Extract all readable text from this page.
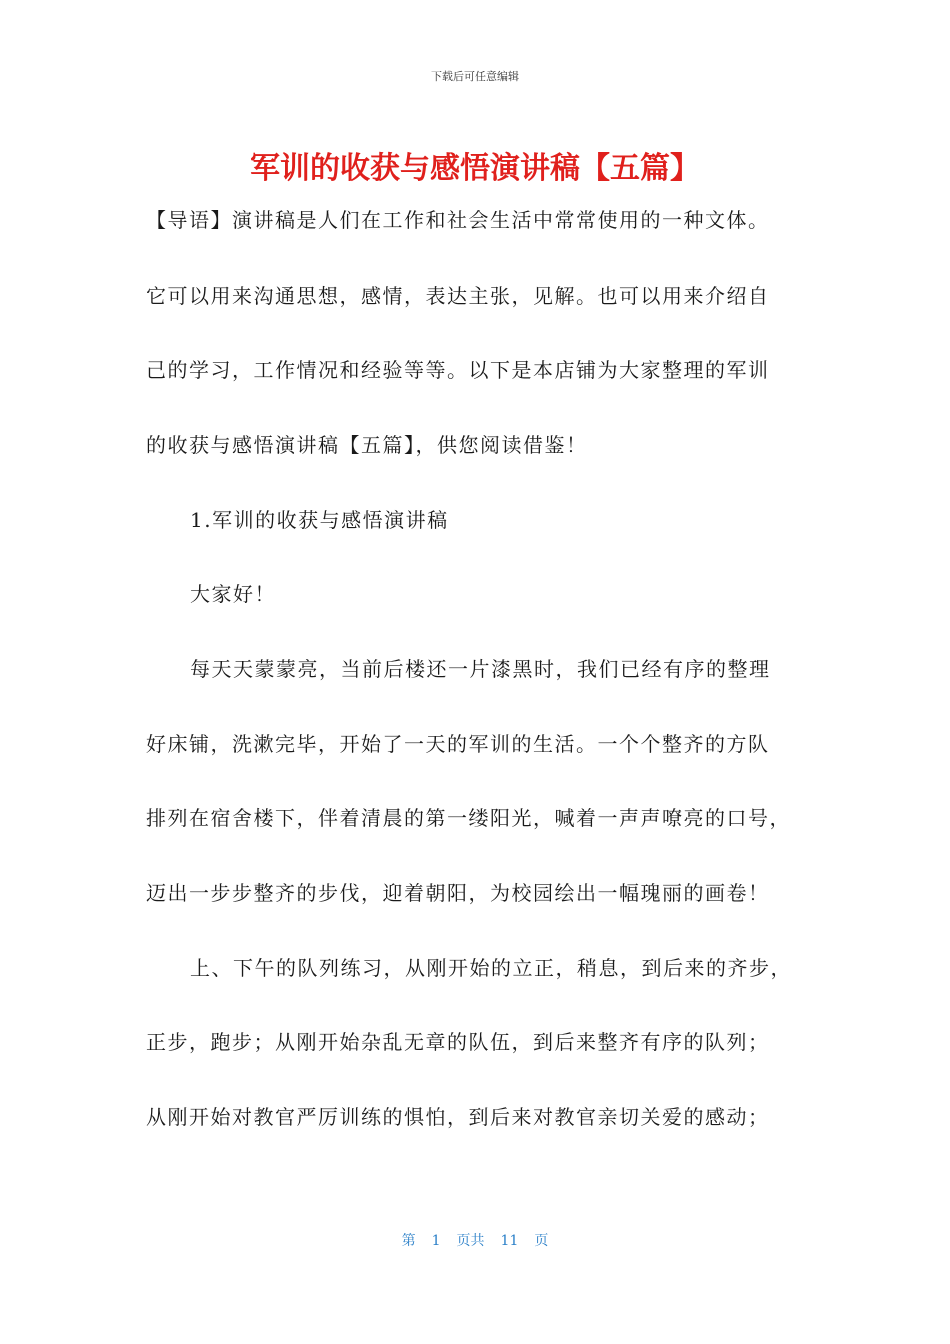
下载后可任意编辑
军训的收获与感悟演讲稿【五篇】
【导语】演讲稿是人们在工作和社会生活中常常使用的一种文体。
它可以用来沟通思想，感情，表达主张，见解。也可以用来介绍自
己的学习，工作情况和经验等等。以下是本店铺为大家整理的军训
的收获与感悟演讲稿【五篇】，供您阅读借鉴！
1.军训的收获与感悟演讲稿
大家好！
每天天蒙蒙亮，当前后楼还一片漆黑时，我们已经有序的整理
好床铺，洗漱完毕，开始了一天的军训的生活。一个个整齐的方队
排列在宿舍楼下，伴着清晨的第一缕阳光，喊着一声声嘹亮的口号，
迈出一步步整齐的步伐，迎着朝阳，为校园绘出一幅瑰丽的画卷！
上、下午的队列练习，从刚开始的立正，稍息，到后来的齐步，
正步，跑步；从刚开始杂乱无章的队伍，到后来整齐有序的队列；
从刚开始对教官严厉训练的惧怕，到后来对教官亲切关爱的感动；
第 1 页共 11 页
